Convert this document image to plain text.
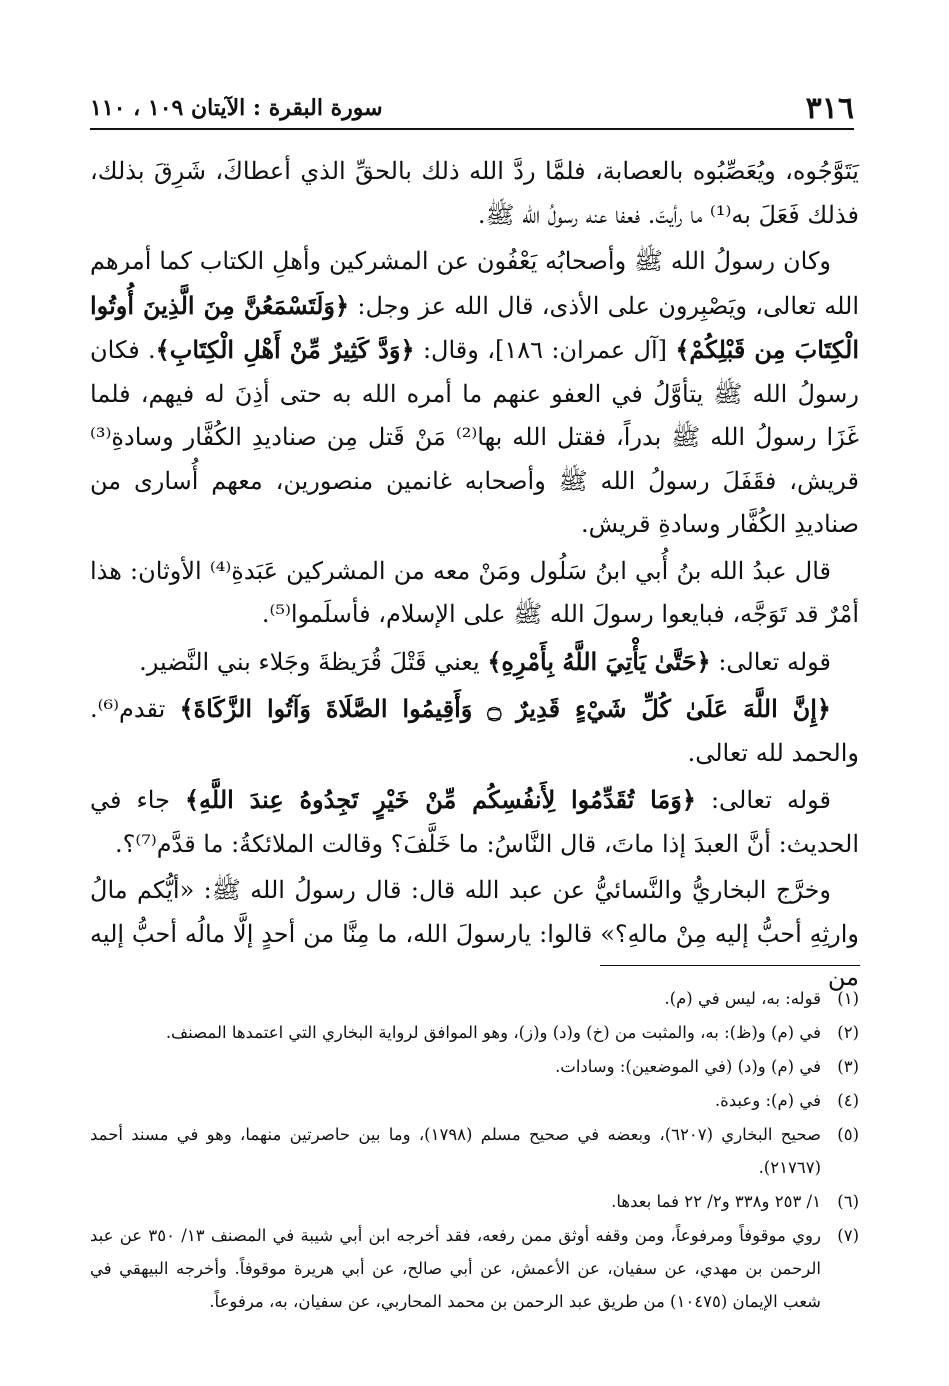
٣١٦
سورة البقرة : الآيتان ١٠٩ ، ١١٠

يَتَوَّجُوه، ويُعَصِّبُوه بالعصابة، فلمَّا ردَّ الله ذلك بالحقِّ الذي أعطاكَ، شَرِقَ بذلك، فذلك فَعَلَ به⁽¹⁾ ما رأيتَ. فعفا عنه رسولُ الله ﷺ.

وكان رسولُ الله ﷺ وأصحابُه يَعْفُون عن المشركين وأهلِ الكتاب كما أمرهم الله تعالى، ويَصْبِرون على الأذى، قال الله عز وجل: ﴿وَلَتَسْمَعُنَّ مِنَ الَّذِينَ أُوتُوا الْكِتَابَ مِن قَبْلِكُمْ﴾ [آل عمران: ١٨٦]، وقال: ﴿وَدَّ كَثِيرٌ مِّنْ أَهْلِ الْكِتَابِ﴾. فكان رسولُ الله ﷺ يتأوَّلُ في العفو عنهم ما أمره الله به حتى أذِنَ له فيهم، فلما غَزَا رسولُ الله ﷺ بدراً، فقتل الله بها⁽²⁾ مَنْ قَتل مِن صناديدِ الكُفَّار وسادةِ⁽³⁾ قريش، فقَفَلَ رسولُ الله ﷺ وأصحابه غانمين منصورين، معهم أُسارى من صناديدِ الكُفَّار وسادةِ قريش.

قال عبدُ الله بنُ أُبي ابنُ سَلُول ومَنْ معه من المشركين عَبَدةِ⁽⁴⁾ الأوثان: هذا أمْرٌ قد تَوَجَّه، فبايعوا رسولَ الله ﷺ على الإسلام، فأسلَموا⁽⁵⁾.

قوله تعالى: ﴿حَتَّىٰ يَأْتِيَ اللَّهُ بِأَمْرِهِ﴾ يعني قَتْلَ قُرَيظةَ وجَلاء بني النَّضير.

﴿إِنَّ اللَّهَ عَلَىٰ كُلِّ شَيْءٍ قَدِيرٌ ۝ وَأَقِيمُوا الصَّلَاةَ وَآتُوا الزَّكَاةَ﴾ تقدم⁽⁶⁾. والحمد لله تعالى.

قوله تعالى: ﴿وَمَا تُقَدِّمُوا لِأَنفُسِكُم مِّنْ خَيْرٍ تَجِدُوهُ عِندَ اللَّهِ﴾ جاء في الحديث: أنَّ العبدَ إذا ماتَ، قال النَّاسُ: ما خَلَّفَ؟ وقالت الملائكةُ: ما قدَّم⁽⁷⁾؟.

وخرَّج البخاريُّ والنَّسائيُّ عن عبد الله قال: قال رسولُ الله ﷺ: «أيُّكم مالُ وارثِهِ أحبُّ إليه مِنْ مالهِ؟» قالوا: يارسولَ الله، ما مِنَّا من أحدٍ إلَّا مالُه أحبُّ إليه من

(١)
قوله: به، ليس في (م).
(٢)
في (م) و(ظ): به، والمثبت من (خ) و(د) و(ز)، وهو الموافق لرواية البخاري التي اعتمدها المصنف.
(٣)
في (م) و(د) (في الموضعين): وسادات.
(٤)
في (م): وعبدة.
(٥)
صحيح البخاري (٦٢٠٧)، وبعضه في صحيح مسلم (١٧٩٨)، وما بين حاصرتين منهما، وهو في مسند أحمد (٢١٧٦٧).
(٦)
١/ ٢٥٣ و٣٣٨ و٢/ ٢٢ فما بعدها.
(٧)
روي موقوفاً ومرفوعاً، ومن وقفه أوثق ممن رفعه، فقد أخرجه ابن أبي شيبة في المصنف ١٣/ ٣٥٠ عن عبد الرحمن بن مهدي، عن سفيان، عن الأعمش، عن أبي صالح، عن أبي هريرة موقوفاً. وأخرجه البيهقي في شعب الإيمان (١٠٤٧٥) من طريق عبد الرحمن بن محمد المحاربي، عن سفيان، به، مرفوعاً.
